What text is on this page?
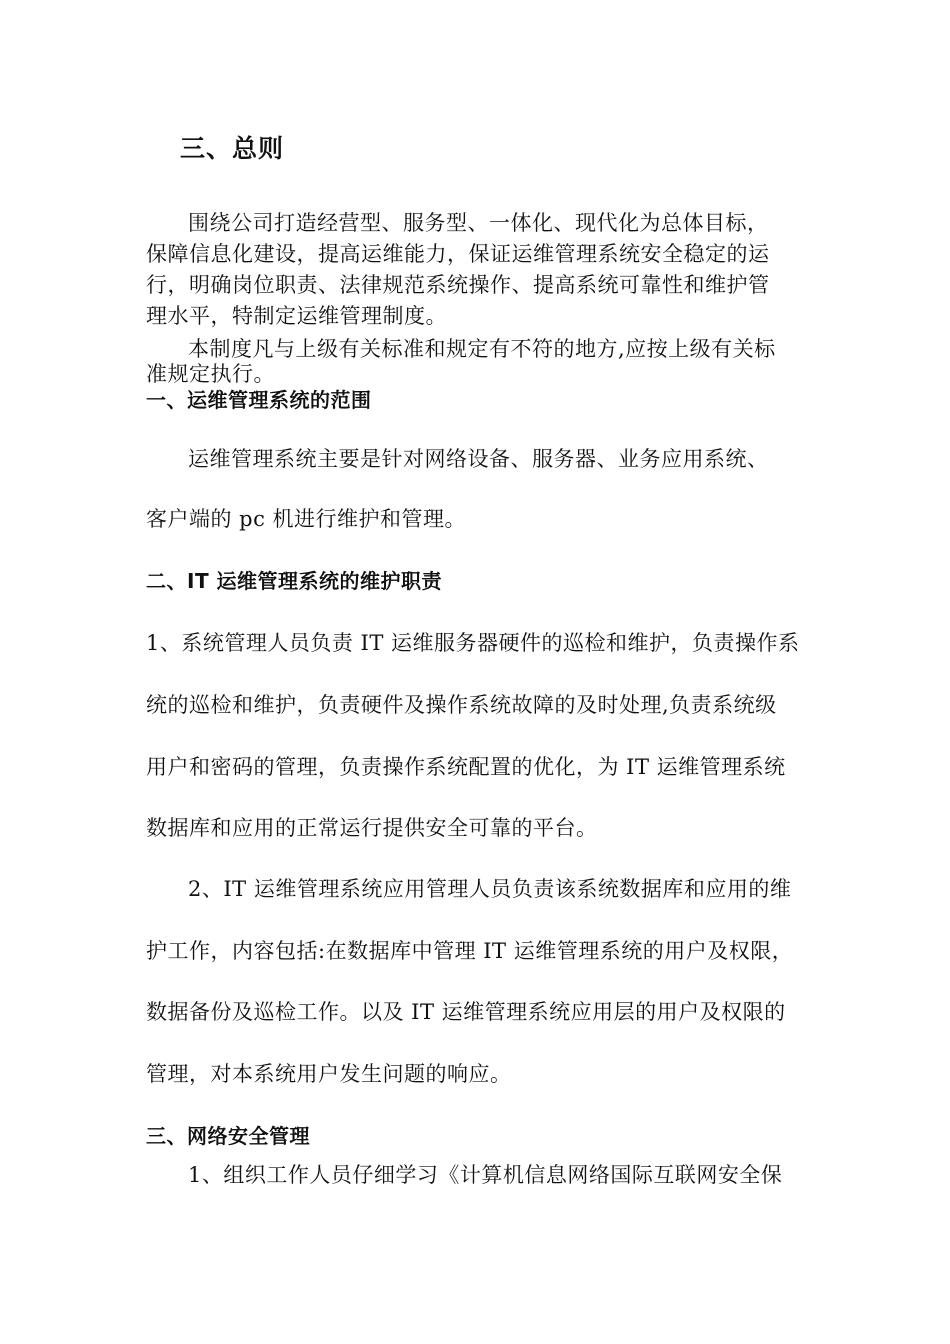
三、总则
围绕公司打造经营型、服务型、一体化、现代化为总体目标，
保障信息化建设，提高运维能力，保证运维管理系统安全稳定的运
行，明确岗位职责、法律规范系统操作、提高系统可靠性和维护管
理水平，特制定运维管理制度。
本制度凡与上级有关标准和规定有不符的地方,应按上级有关标
准规定执行。
一、运维管理系统的范围
运维管理系统主要是针对网络设备、服务器、业务应用系统、
客户端的 pc 机进行维护和管理。
二、IT 运维管理系统的维护职责
1、系统管理人员负责 IT 运维服务器硬件的巡检和维护，负责操作系
统的巡检和维护，负责硬件及操作系统故障的及时处理,负责系统级
用户和密码的管理，负责操作系统配置的优化，为 IT 运维管理系统
数据库和应用的正常运行提供安全可靠的平台。
2、IT 运维管理系统应用管理人员负责该系统数据库和应用的维
护工作，内容包括:在数据库中管理 IT 运维管理系统的用户及权限，
数据备份及巡检工作。以及 IT 运维管理系统应用层的用户及权限的
管理，对本系统用户发生问题的响应。
三、网络安全管理
1、组织工作人员仔细学习《计算机信息网络国际互联网安全保
